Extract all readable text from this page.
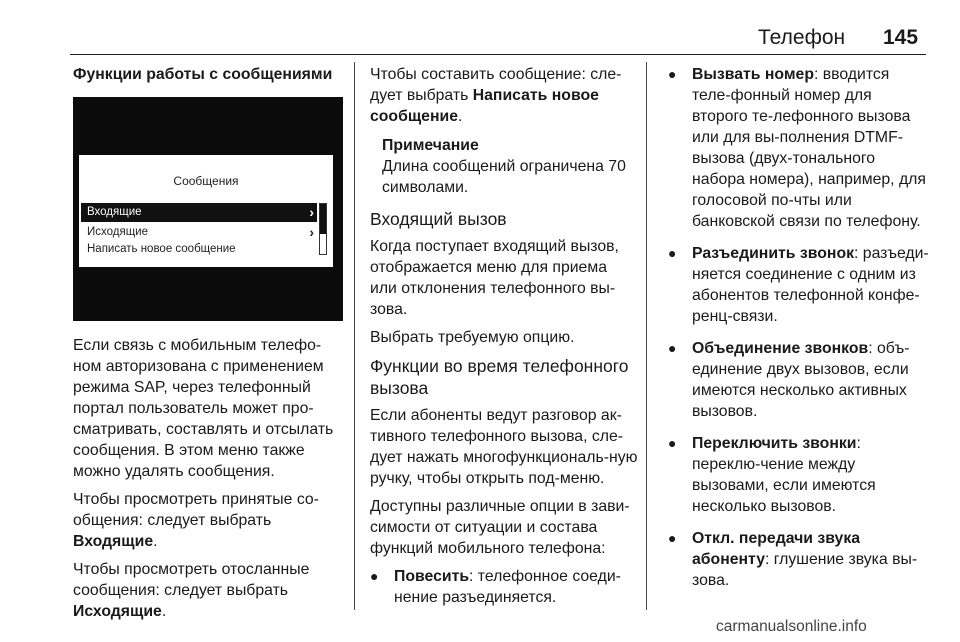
Телефон 145
Функции работы с сообщениями
Сообщения
Входящие	›
Исходящие	›
Написать новое сообщение

Если связь с мобильным телефо-ном авторизована с применением режима SAP, через телефонный портал пользователь может про-сматривать, составлять и отсылать сообщения. В этом меню также можно удалять сообщения.

Чтобы просмотреть принятые со-общения: следует выбрать Входящие.

Чтобы просмотреть отосланные сообщения: следует выбрать Исходящие.

Чтобы составить сообщение: сле-дует выбрать Написать новое сообщение.

Примечание
Длина сообщений ограничена 70 символами.
Входящий вызов

Когда поступает входящий вызов, отображается меню для приема или отклонения телефонного вы-зова.

Выбрать требуемую опцию.

Функции во время телефонного вызова

Если абоненты ведут разговор ак-тивного телефонного вызова, сле-дует нажать многофункциональ-ную ручку, чтобы открыть под-меню.

Доступны различные опции в зави-симости от ситуации и состава функций мобильного телефона:

● Повесить: телефонное соеди-нение разъединяется.
● Вызвать номер: вводится теле-фонный номер для второго те-лефонного вызова или для вы-полнения DTMF-вызова (двух-тонального набора номера), например, для голосовой по-чты или банковской связи по телефону.
● Разъединить звонок: разъеди-няется соединение с одним из абонентов телефонной конфе-ренц-связи.
● Объединение звонков: объ-единение двух вызовов, если имеются несколько активных вызовов.
● Переключить звонки: переклю-чение между вызовами, если имеются несколько вызовов.
● Откл. передачи звука абоненту: глушение звука вы-зова.
carmanualsonline.info
